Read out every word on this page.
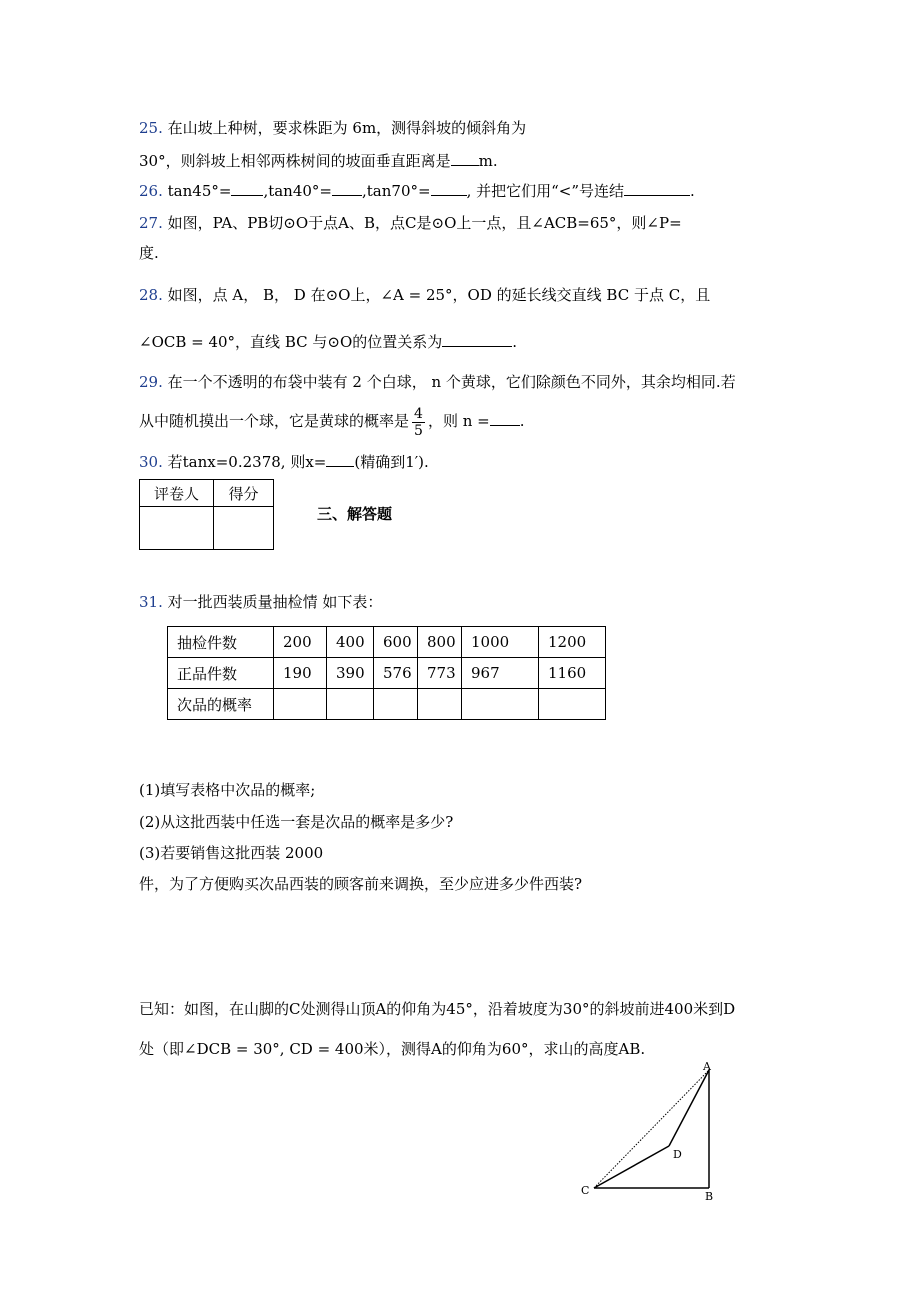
25. 在山坡上种树，要求株距为 6m，测得斜坡的倾斜角为
30°，则斜坡上相邻两株树间的坡面垂直距离是 m.
26. tan45°= ,tan40°= ,tan70°= , 并把它们用“<”号连结	.
27. 如图，PA、PB切⊙O于点A、B，点C是⊙O上一点，且∠ACB=65°，则∠P=
度.
28. 如图，点 A， B， D 在⊙O上，∠A = 25°，OD 的延长线交直线 BC 于点 C，且
∠OCB = 40°，直线 BC 与⊙O的位置关系为	.
29. 在一个不透明的布袋中装有 2 个白球， n 个黄球，它们除颜色不同外，其余均相同.若
从中随机摸出一个球，它是黄球的概率是 $\frac{4}{5}$ ，则 n = .
30. 若tanx=0.2378, 则x= (精确到1′).
评卷人	得分

三、解答题
31. 对一批西装质量抽检情 如下表：
抽检件数	200	400	600	800	1000	1200
正品件数	190	390	576	773	967	1160
次品的概率						
(1)填写表格中次品的概率;
(2)从这批西装中任选一套是次品的概率是多少?
(3)若要销售这批西装 2000
件，为了方便购买次品西装的顾客前来调换，至少应进多少件西装?
已知：如图，在山脚的C处测得山顶A的仰角为45°，沿着坡度为30°的斜坡前进400米到D
处（即∠DCB = 30°, CD = 400米），测得A的仰角为60°，求山的高度AB.
A
B
C
D
